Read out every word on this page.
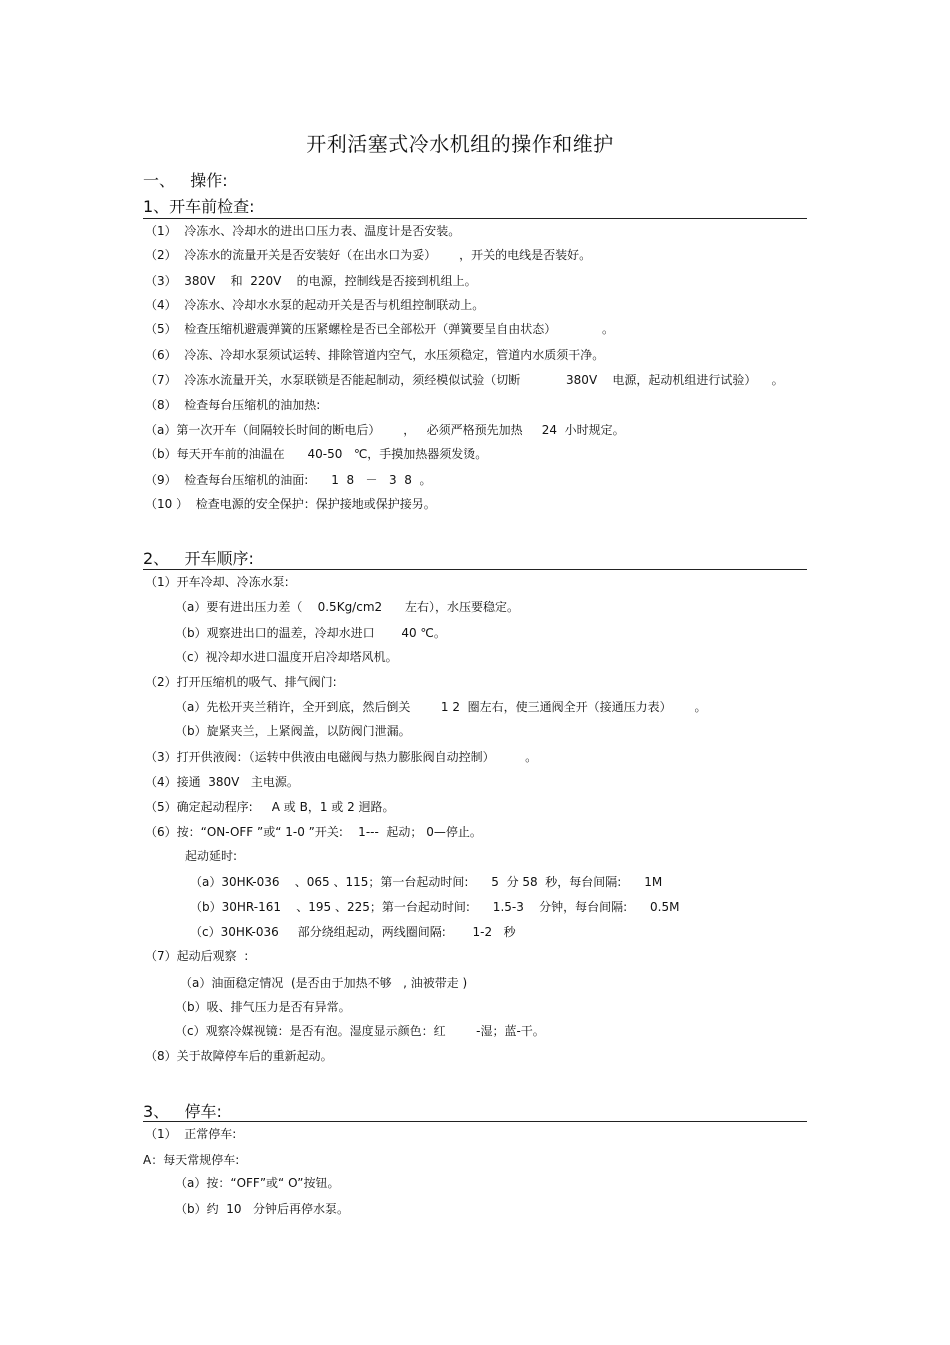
开利活塞式冷水机组的操作和维护
一、   操作:
1、开车前检查:
（1）  冷冻水、冷却水的进出口压力表、温度计是否安装。
（2）  冷冻水的流量开关是否安装好（在出水口为妥）      ，开关的电线是否装好。
（3）  380V    和  220V    的电源，控制线是否接到机组上。
（4）  冷冻水、冷却水水泵的起动开关是否与机组控制联动上。
（5）  检查压缩机避震弹簧的压紧螺栓是否已全部松开（弹簧要呈自由状态）            。
（6）  冷冻、冷却水泵须试运转、排除管道内空气，水压须稳定，管道内水质须干净。
（7）  冷冻水流量开关，水泵联锁是否能起制动，须经模似试验（切断            380V    电源，起动机组进行试验）    。
（8）  检查每台压缩机的油加热:
（a）第一次开车（间隔较长时间的断电后）      ，   必须严格预先加热     24  小时规定。
（b）每天开车前的油温在      40-50   ℃，手摸加热器须发烫。
（9）  检查每台压缩机的油面:      1  8   －   3  8  。
（10 ）  检查电源的安全保护：保护接地或保护接另。
2、   开车顺序:
（1）开车冷却、冷冻水泵:
（a）要有进出压力差（    0.5Kg/cm2      左右），水压要稳定。
（b）观察进出口的温差，冷却水进口       40 ℃。
（c）视冷却水进口温度开启冷却塔风机。
（2）打开压缩机的吸气、排气阀门:
（a）先松开夹兰稍许，全开到底，然后倒关        1 2  圈左右，使三通阀全开（接通压力表）      。
（b）旋紧夹兰，上紧阀盖，以防阀门泄漏。
（3）打开供液阀：（运转中供液由电磁阀与热力膨胀阀自动控制）        。
（4）接通  380V   主电源。
（5）确定起动程序:     A 或 B，1 或 2 迥路。
（6）按：“ON-OFF ”或“ 1-0 ”开关:    1---  起动； 0—停止。
起动延时:
（a）30HK-036    、065 、115；第一台起动时间:      5  分 58  秒，每台间隔:      1M
（b）30HR-161    、195 、225；第一台起动时间:      1.5-3    分钟，每台间隔:      0.5M
（c）30HK-036     部分绕组起动，两线圈间隔:       1-2   秒
（7）起动后观察  :
（a）油面稳定情况  (是否由于加热不够   , 油被带走 )
（b）吸、排气压力是否有异常。
（c）观察冷媒视镜：是否有泡。湿度显示颜色：红        -湿；蓝-干。
（8）关于故障停车后的重新起动。
3、   停车:
（1）  正常停车:
A：每天常规停车:
（a）按：“OFF”或“ O”按钮。
（b）约  10   分钟后再停水泵。
